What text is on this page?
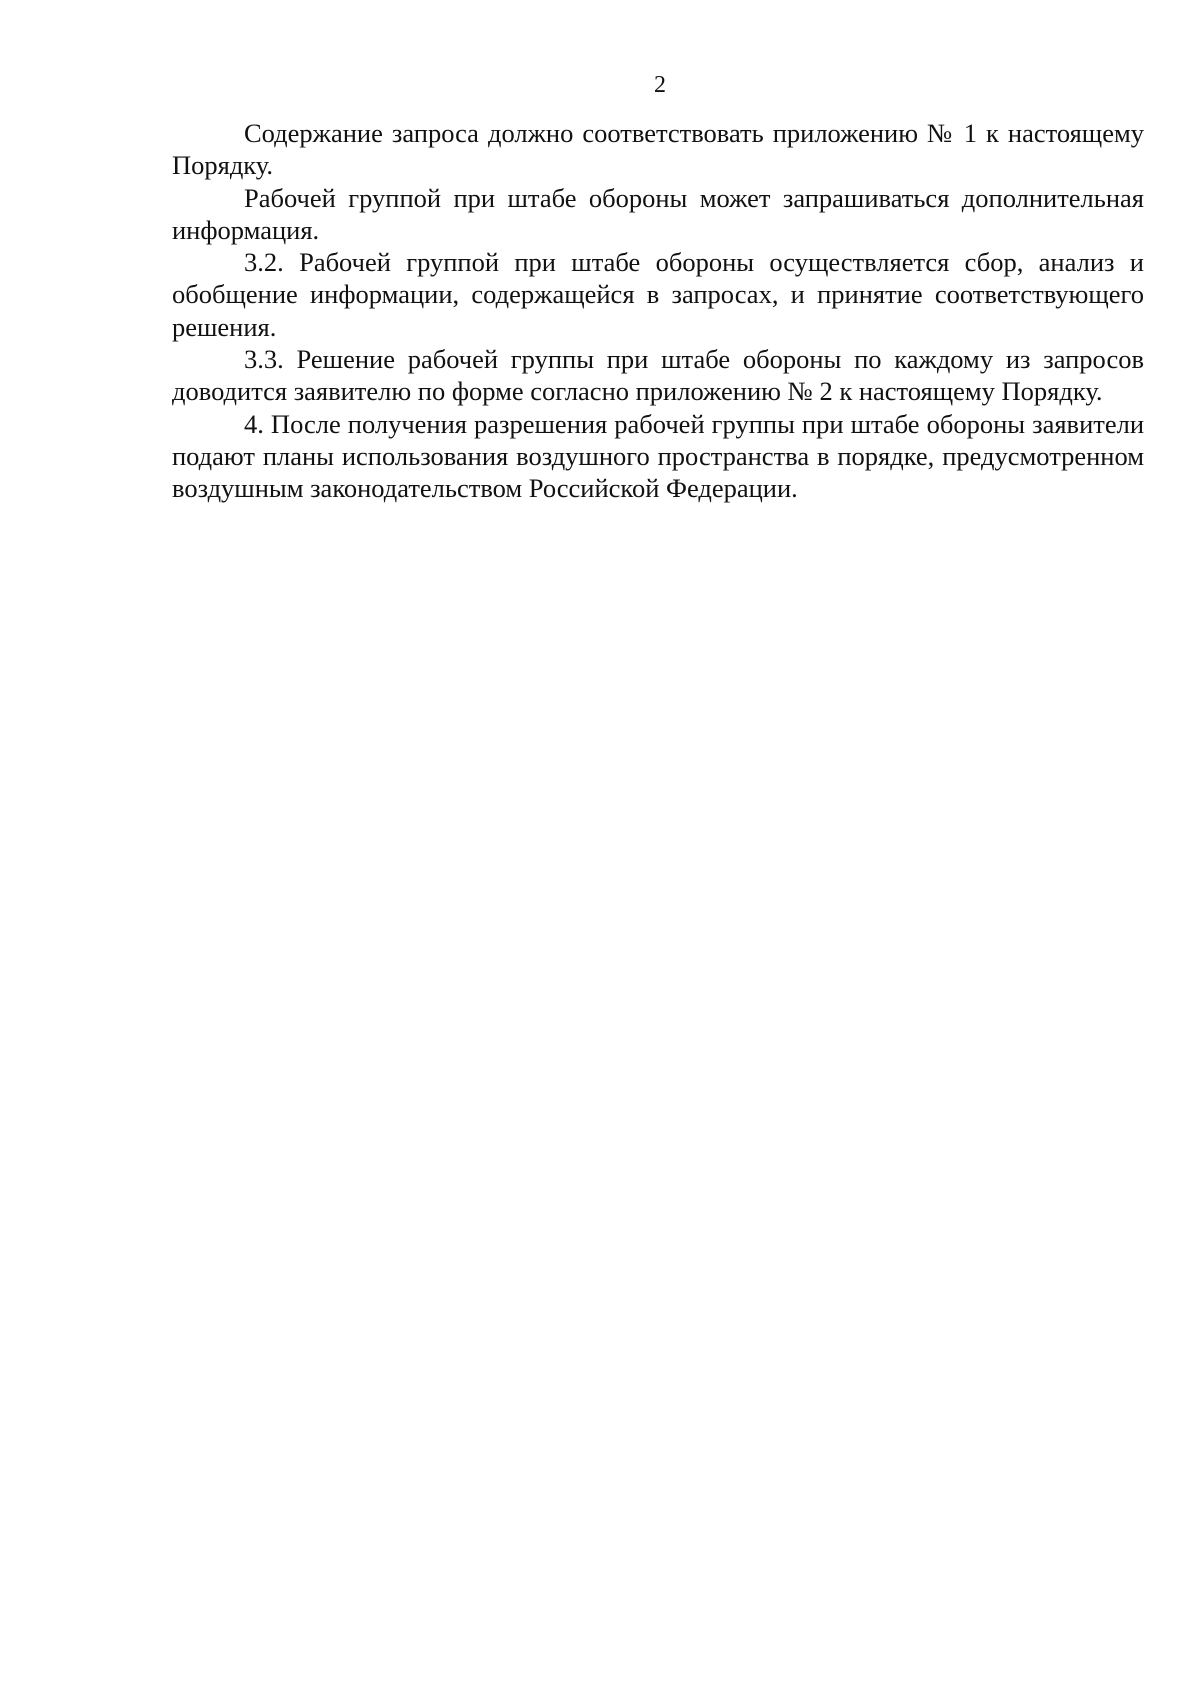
2

Содержание запроса должно соответствовать приложению № 1 к настоящему Порядку.

Рабочей группой при штабе обороны может запрашиваться дополнительная информация.

3.2. Рабочей группой при штабе обороны осуществляется сбор, анализ и обобщение информации, содержащейся в запросах, и принятие соответствующего решения.

3.3. Решение рабочей группы при штабе обороны по каждому из запросов доводится заявителю по форме согласно приложению № 2 к настоящему Порядку.

4. После получения разрешения рабочей группы при штабе обороны заявители подают планы использования воздушного пространства в порядке, предусмотренном воздушным законодательством Российской Федерации.
